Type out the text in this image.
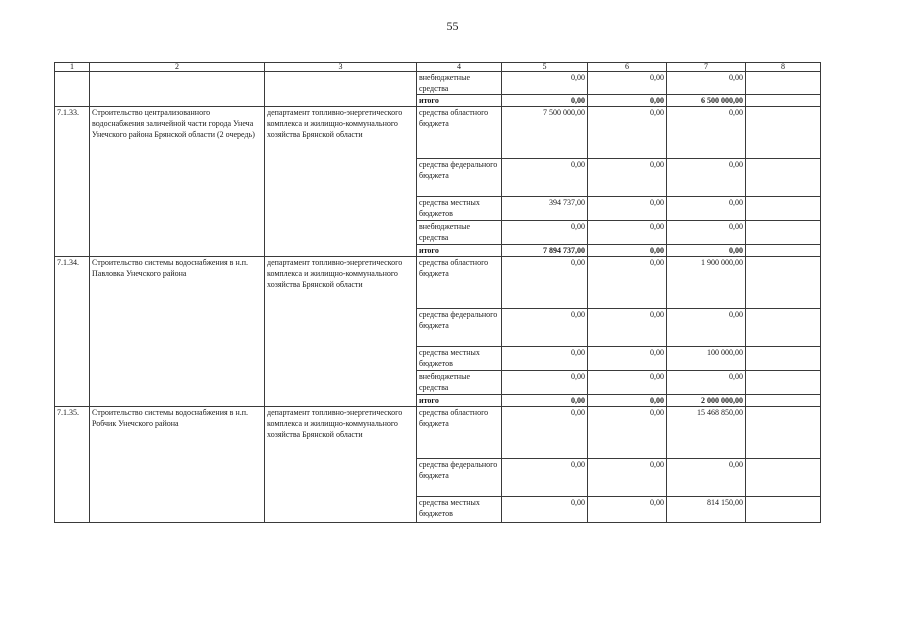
55
1	2	3	4	5	6	7	8
			внебюджетные средства	0,00	0,00	0,00	
			итого	0,00	0,00	6 500 000,00	
7.1.33.	Строительство централизованного водоснабжения заличейной части города Унеча Унечского района Брянской области (2 очередь)	департамент топливно-энергетического комплекса и жилищно-коммунального хозяйства Брянской области	средства областного бюджета	7 500 000,00	0,00	0,00	
			средства федерального бюджета	0,00	0,00	0,00	
			средства местных бюджетов	394 737,00	0,00	0,00	
			внебюджетные средства	0,00	0,00	0,00	
			итого	7 894 737,00	0,00	0,00	
7.1.34.	Строительство системы водоснабжения в н.п. Павловка Унечского района	департамент топливно-энергетического комплекса и жилищно-коммунального хозяйства Брянской области	средства областного бюджета	0,00	0,00	1 900 000,00	
			средства федерального бюджета	0,00	0,00	0,00	
			средства местных бюджетов	0,00	0,00	100 000,00	
			внебюджетные средства	0,00	0,00	0,00	
			итого	0,00	0,00	2 000 000,00	
7.1.35.	Строительство системы водоснабжения в н.п. Робчик Унечского района	департамент топливно-энергетического комплекса и жилищно-коммунального хозяйства Брянской области	средства областного бюджета	0,00	0,00	15 468 850,00	
			средства федерального бюджета	0,00	0,00	0,00	
			средства местных бюджетов	0,00	0,00	814 150,00	
